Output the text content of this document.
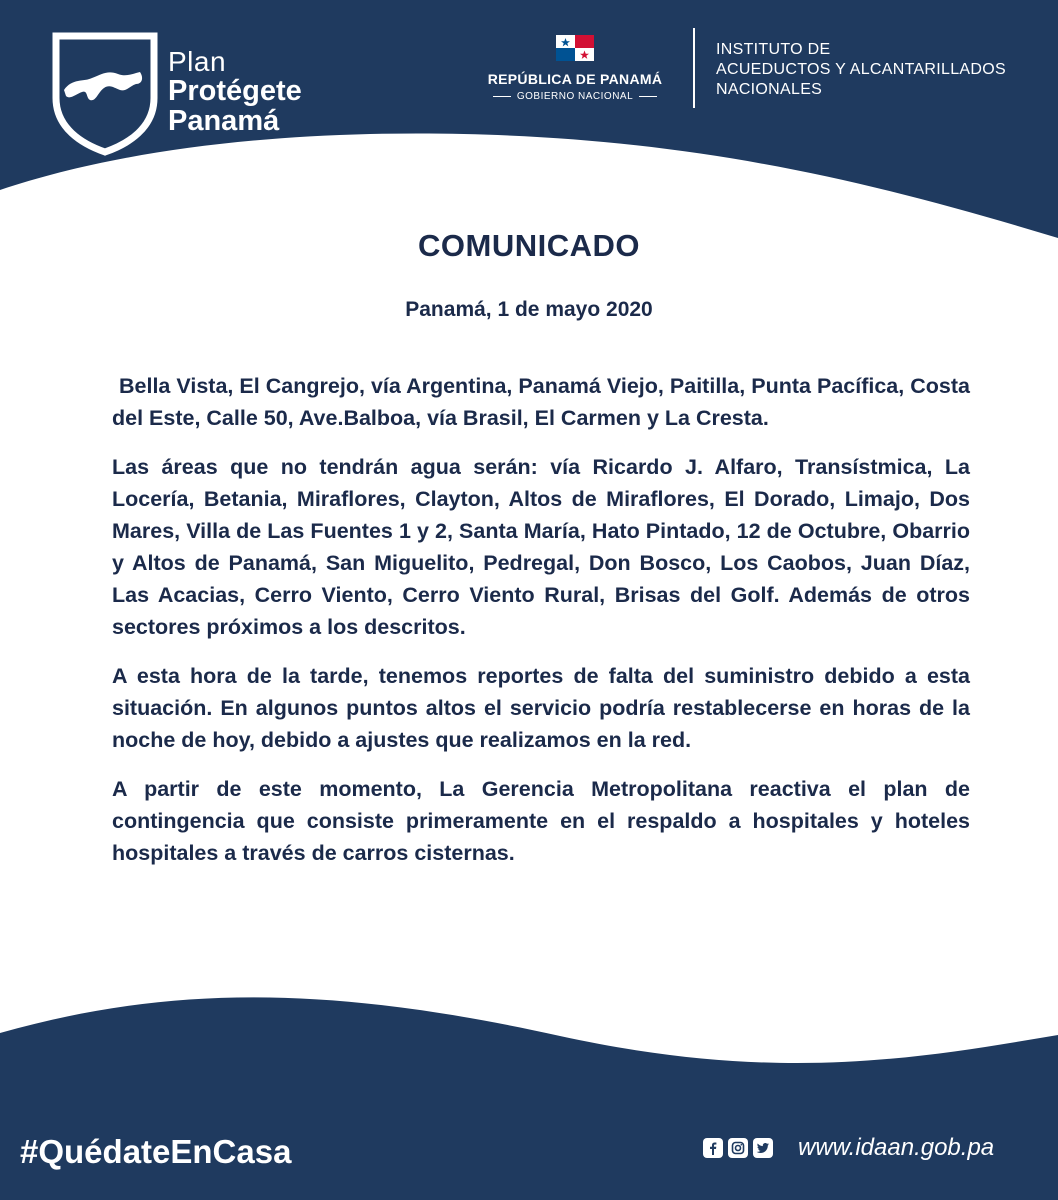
Plan
Protégete
Panamá
REPÚBLICA DE PANAMÁ
GOBIERNO NACIONAL
INSTITUTO DE
ACUEDUCTOS Y ALCANTARILLADOS
NACIONALES
COMUNICADO
Panamá, 1 de mayo 2020

Bella Vista, El Cangrejo, vía Argentina, Panamá Viejo, Paitilla, Punta Pacífica, Costa del Este, Calle 50, Ave.Balboa, vía Brasil, El Carmen y La Cresta.

Las áreas que no tendrán agua serán: vía Ricardo J. Alfaro, Transístmica, La Locería, Betania, Miraflores, Clayton, Altos de Miraflores, El Dorado, Limajo, Dos Mares, Villa de Las Fuentes 1 y 2, Santa María, Hato Pintado, 12 de Octubre, Obarrio y Altos de Panamá, San Miguelito, Pedregal, Don Bosco, Los Caobos, Juan Díaz, Las Acacias, Cerro Viento, Cerro Viento Rural, Brisas del Golf. Además de otros sectores próximos a los descritos.

A esta hora de la tarde, tenemos reportes de falta del suministro debido a esta situación. En algunos puntos altos el servicio podría restablecerse en horas de la noche de hoy, debido a ajustes que realizamos en la red.

A partir de este momento, La Gerencia Metropolitana reactiva el plan de contingencia que consiste primeramente en el respaldo a hospitales y hoteles hospitales a través de carros cisternas.

#QuédateEnCasa	www.idaan.gob.pa
